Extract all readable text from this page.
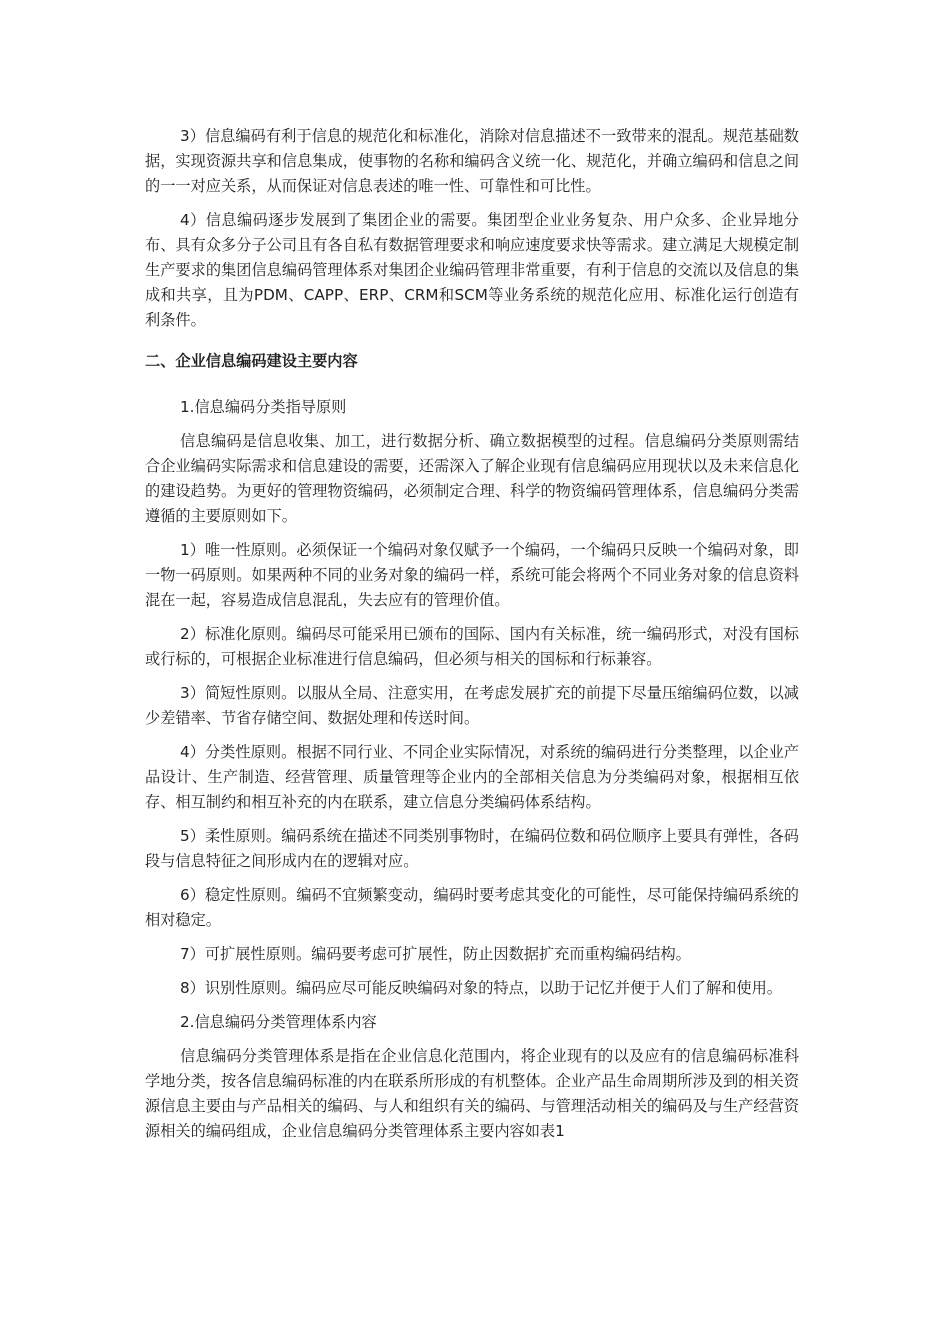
3）信息编码有利于信息的规范化和标准化，消除对信息描述不一致带来的混乱。规范基础数据，实现资源共享和信息集成，使事物的名称和编码含义统一化、规范化，并确立编码和信息之间的一一对应关系，从而保证对信息表述的唯一性、可靠性和可比性。

4）信息编码逐步发展到了集团企业的需要。集团型企业业务复杂、用户众多、企业异地分布、具有众多分子公司且有各自私有数据管理要求和响应速度要求快等需求。建立满足大规模定制生产要求的集团信息编码管理体系对集团企业编码管理非常重要，有利于信息的交流以及信息的集成和共享，且为PDM、CAPP、ERP、CRM和SCM等业务系统的规范化应用、标准化运行创造有利条件。

二、企业信息编码建设主要内容
1.信息编码分类指导原则

信息编码是信息收集、加工，进行数据分析、确立数据模型的过程。信息编码分类原则需结合企业编码实际需求和信息建设的需要，还需深入了解企业现有信息编码应用现状以及未来信息化的建设趋势。为更好的管理物资编码，必须制定合理、科学的物资编码管理体系，信息编码分类需遵循的主要原则如下。

1）唯一性原则。必须保证一个编码对象仅赋予一个编码，一个编码只反映一个编码对象，即一物一码原则。如果两种不同的业务对象的编码一样，系统可能会将两个不同业务对象的信息资料混在一起，容易造成信息混乱，失去应有的管理价值。

2）标准化原则。编码尽可能采用已颁布的国际、国内有关标准，统一编码形式，对没有国标或行标的，可根据企业标准进行信息编码，但必须与相关的国标和行标兼容。

3）简短性原则。以服从全局、注意实用，在考虑发展扩充的前提下尽量压缩编码位数，以减少差错率、节省存储空间、数据处理和传送时间。

4）分类性原则。根据不同行业、不同企业实际情况，对系统的编码进行分类整理，以企业产品设计、生产制造、经营管理、质量管理等企业内的全部相关信息为分类编码对象，根据相互依存、相互制约和相互补充的内在联系，建立信息分类编码体系结构。

5）柔性原则。编码系统在描述不同类别事物时，在编码位数和码位顺序上要具有弹性，各码段与信息特征之间形成内在的逻辑对应。

6）稳定性原则。编码不宜频繁变动，编码时要考虑其变化的可能性，尽可能保持编码系统的相对稳定。

7）可扩展性原则。编码要考虑可扩展性，防止因数据扩充而重构编码结构。

8）识别性原则。编码应尽可能反映编码对象的特点，以助于记忆并便于人们了解和使用。

2.信息编码分类管理体系内容

信息编码分类管理体系是指在企业信息化范围内，将企业现有的以及应有的信息编码标准科学地分类，按各信息编码标准的内在联系所形成的有机整体。企业产品生命周期所涉及到的相关资源信息主要由与产品相关的编码、与人和组织有关的编码、与管理活动相关的编码及与生产经营资源相关的编码组成，企业信息编码分类管理体系主要内容如表1
